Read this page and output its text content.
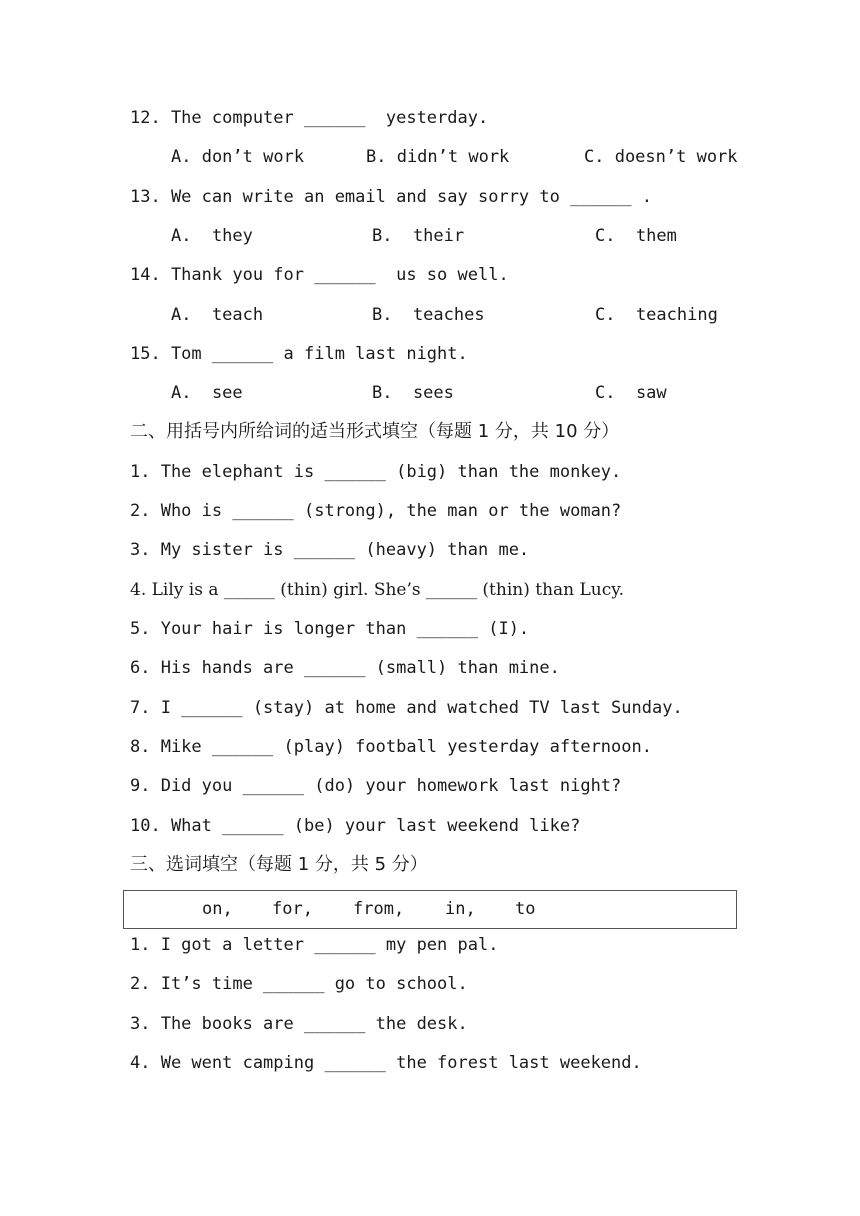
12. The computer ______  yesterday.
A. don’t work	B. didn’t work	C. doesn’t work
13. We can write an email and say sorry to ______ .
A.  they	B.  their	C.  them
14. Thank you for ______  us so well.
A.  teach	B.  teaches	C.  teaching
15. Tom ______ a film last night.
A.  see	B.  sees	C.  saw
二、用括号内所给词的适当形式填空（每题 1 分，共 10 分）
1. The elephant is ______ (big) than the monkey.
2. Who is ______ (strong), the man or the woman?
3. My sister is ______ (heavy) than me.
4. Lily is a ______ (thin) girl. She’s ______ (thin) than Lucy.
5. Your hair is longer than ______ (I).
6. His hands are ______ (small) than mine.
7. I ______ (stay) at home and watched TV last Sunday.
8. Mike ______ (play) football yesterday afternoon.
9. Did you ______ (do) your homework last night?
10. What ______ (be) your last weekend like?
三、选词填空（每题 1 分，共 5 分）
on, for, from, in, to
1. I got a letter ______ my pen pal.
2. It’s time ______ go to school.
3. The books are ______ the desk.
4. We went camping ______ the forest last weekend.
